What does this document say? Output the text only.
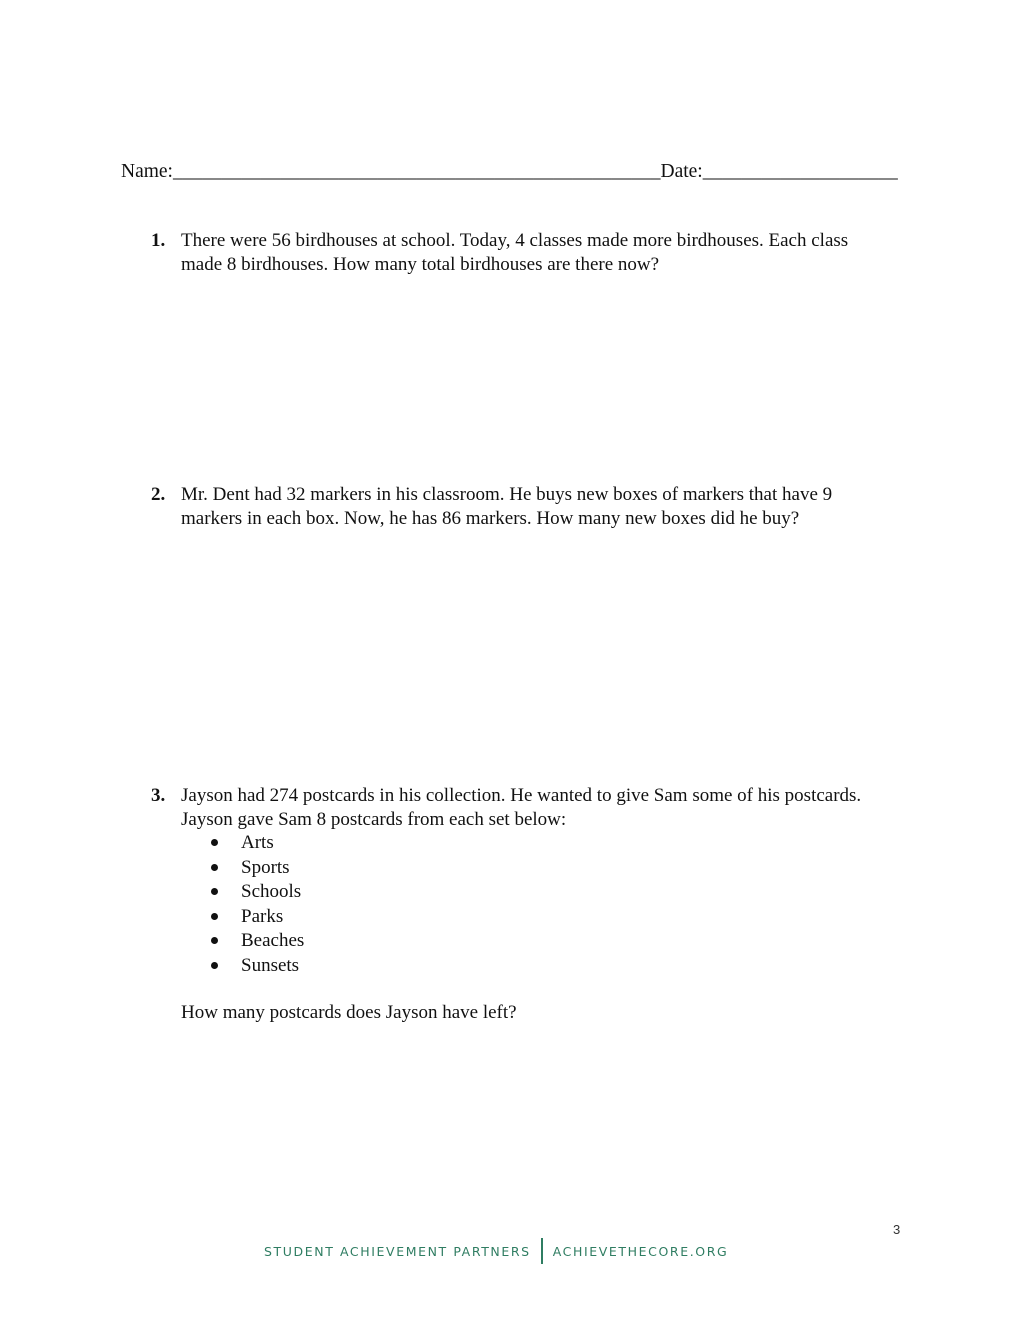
Name:__________________________________________________Date:____________________
1. There were 56 birdhouses at school. Today, 4 classes made more birdhouses. Each class

made 8 birdhouses. How many total birdhouses are there now?

2. Mr. Dent had 32 markers in his classroom. He buys new boxes of markers that have 9

markers in each box. Now, he has 86 markers. How many new boxes did he buy?

3. Jayson had 274 postcards in his collection. He wanted to give Sam some of his postcards.

Jayson gave Sam 8 postcards from each set below:

Arts
Sports
Schools
Parks
Beaches
Sunsets

How many postcards does Jayson have left?

3
STUDENT ACHIEVEMENT PARTNERS ACHIEVETHECORE.ORG
